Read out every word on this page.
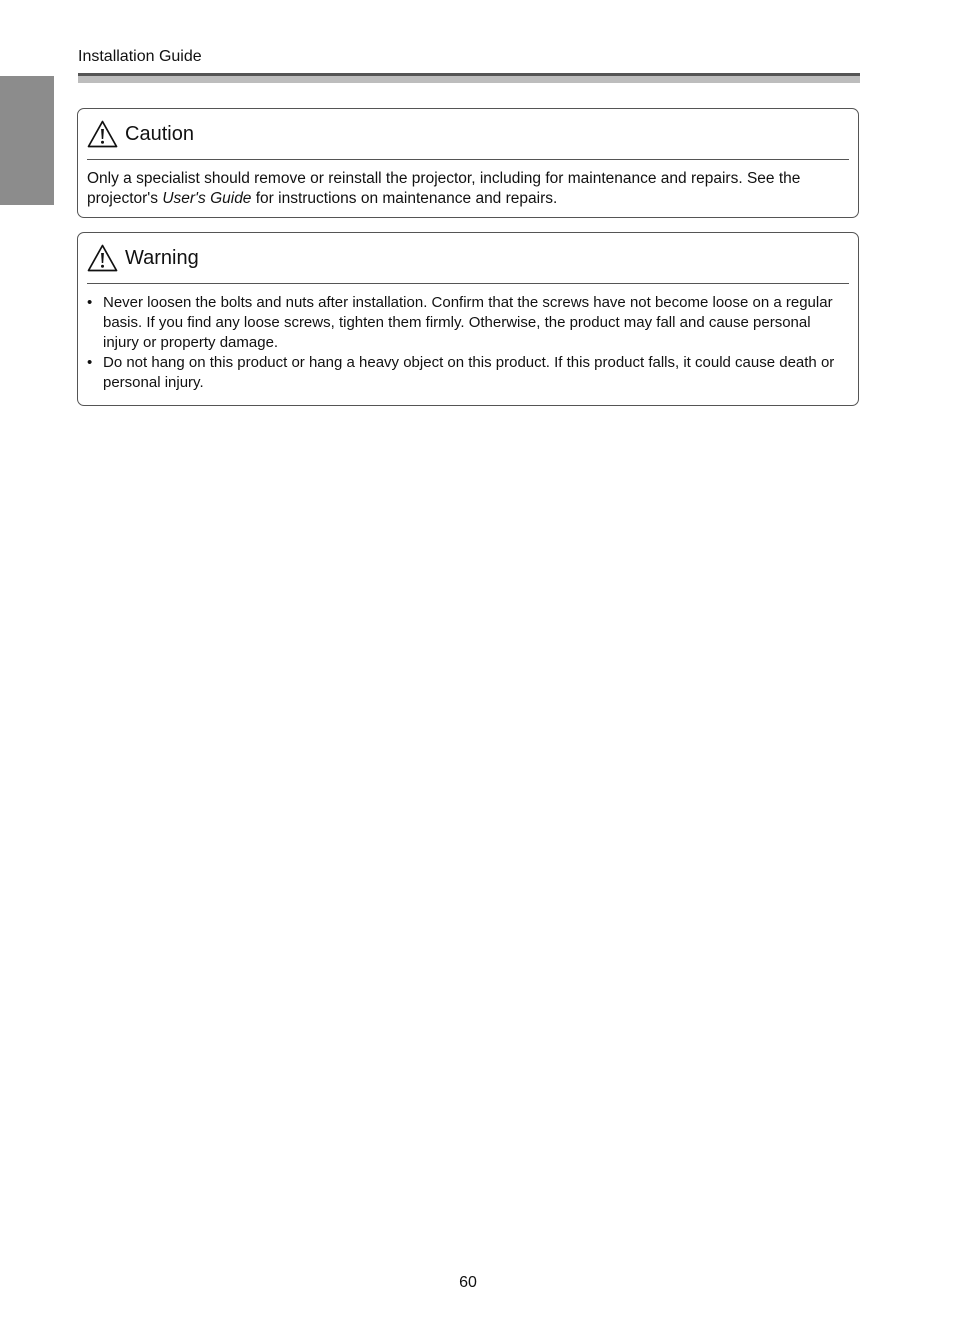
Installation Guide
Caution

Only a specialist should remove or reinstall the projector, including for maintenance and repairs. See the projector's User's Guide for instructions on maintenance and repairs.

Warning
• Never loosen the bolts and nuts after installation. Confirm that the screws have not become loose on a regular basis. If you find any loose screws, tighten them firmly. Otherwise, the product may fall and cause personal injury or property damage.
• Do not hang on this product or hang a heavy object on this product. If this product falls, it could cause death or personal injury.
60
